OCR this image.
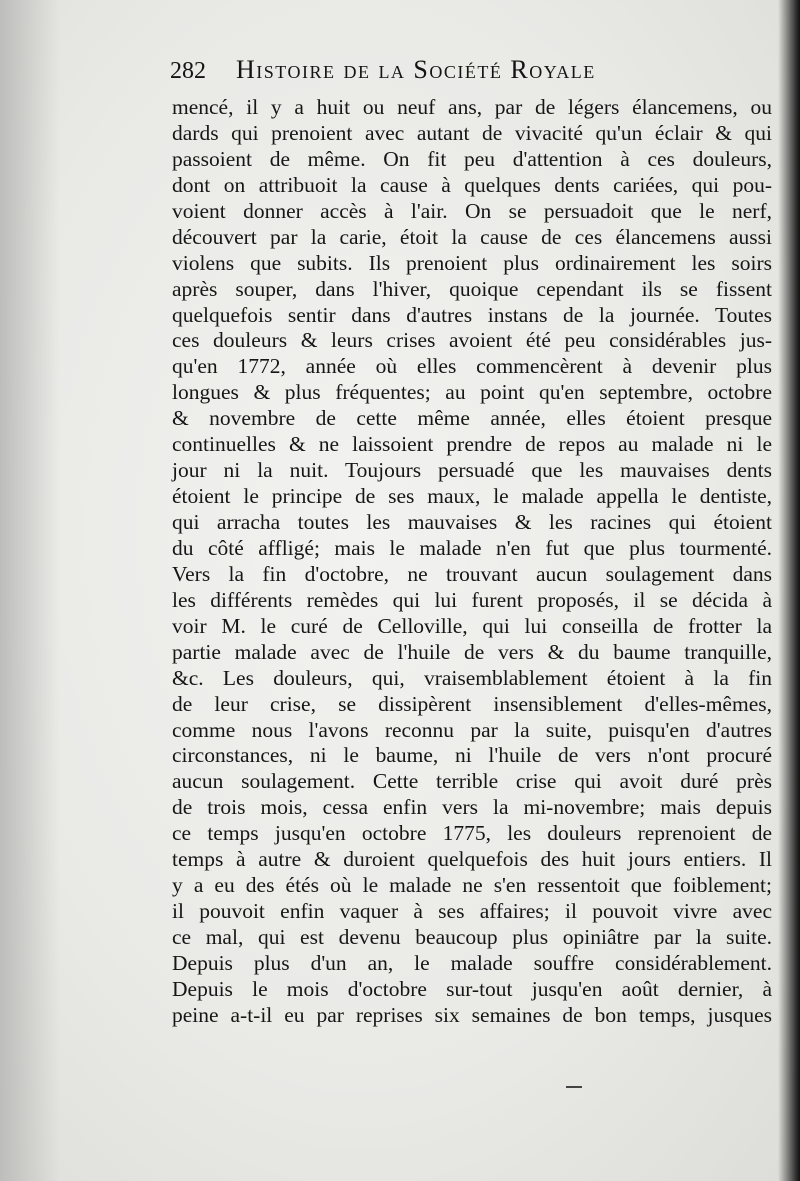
282 Histoire de la Société Royale
mencé, il y a huit ou neuf ans, par de légers élancemens, ou
dards qui prenoient avec autant de vivacité qu'un éclair & qui
passoient de même. On fit peu d'attention à ces douleurs,
dont on attribuoit la cause à quelques dents cariées, qui pou-
voient donner accès à l'air. On se persuadoit que le nerf,
découvert par la carie, étoit la cause de ces élancemens aussi
violens que subits. Ils prenoient plus ordinairement les soirs
après souper, dans l'hiver, quoique cependant ils se fissent
quelquefois sentir dans d'autres instans de la journée. Toutes
ces douleurs & leurs crises avoient été peu considérables jus-
qu'en 1772, année où elles commencèrent à devenir plus
longues & plus fréquentes; au point qu'en septembre, octobre
& novembre de cette même année, elles étoient presque
continuelles & ne laissoient prendre de repos au malade ni le
jour ni la nuit. Toujours persuadé que les mauvaises dents
étoient le principe de ses maux, le malade appella le dentiste,
qui arracha toutes les mauvaises & les racines qui étoient
du côté affligé; mais le malade n'en fut que plus tourmenté.
Vers la fin d'octobre, ne trouvant aucun soulagement dans
les différents remèdes qui lui furent proposés, il se décida à
voir M. le curé de Celloville, qui lui conseilla de frotter la
partie malade avec de l'huile de vers & du baume tranquille,
&c. Les douleurs, qui, vraisemblablement étoient à la fin
de leur crise, se dissipèrent insensiblement d'elles-mêmes,
comme nous l'avons reconnu par la suite, puisqu'en d'autres
circonstances, ni le baume, ni l'huile de vers n'ont procuré
aucun soulagement. Cette terrible crise qui avoit duré près
de trois mois, cessa enfin vers la mi-novembre; mais depuis
ce temps jusqu'en octobre 1775, les douleurs reprenoient de
temps à autre & duroient quelquefois des huit jours entiers. Il
y a eu des étés où le malade ne s'en ressentoit que foiblement;
il pouvoit enfin vaquer à ses affaires; il pouvoit vivre avec
ce mal, qui est devenu beaucoup plus opiniâtre par la suite.
Depuis plus d'un an, le malade souffre considérablement.
Depuis le mois d'octobre sur-tout jusqu'en août dernier, à
peine a-t-il eu par reprises six semaines de bon temps, jusques
